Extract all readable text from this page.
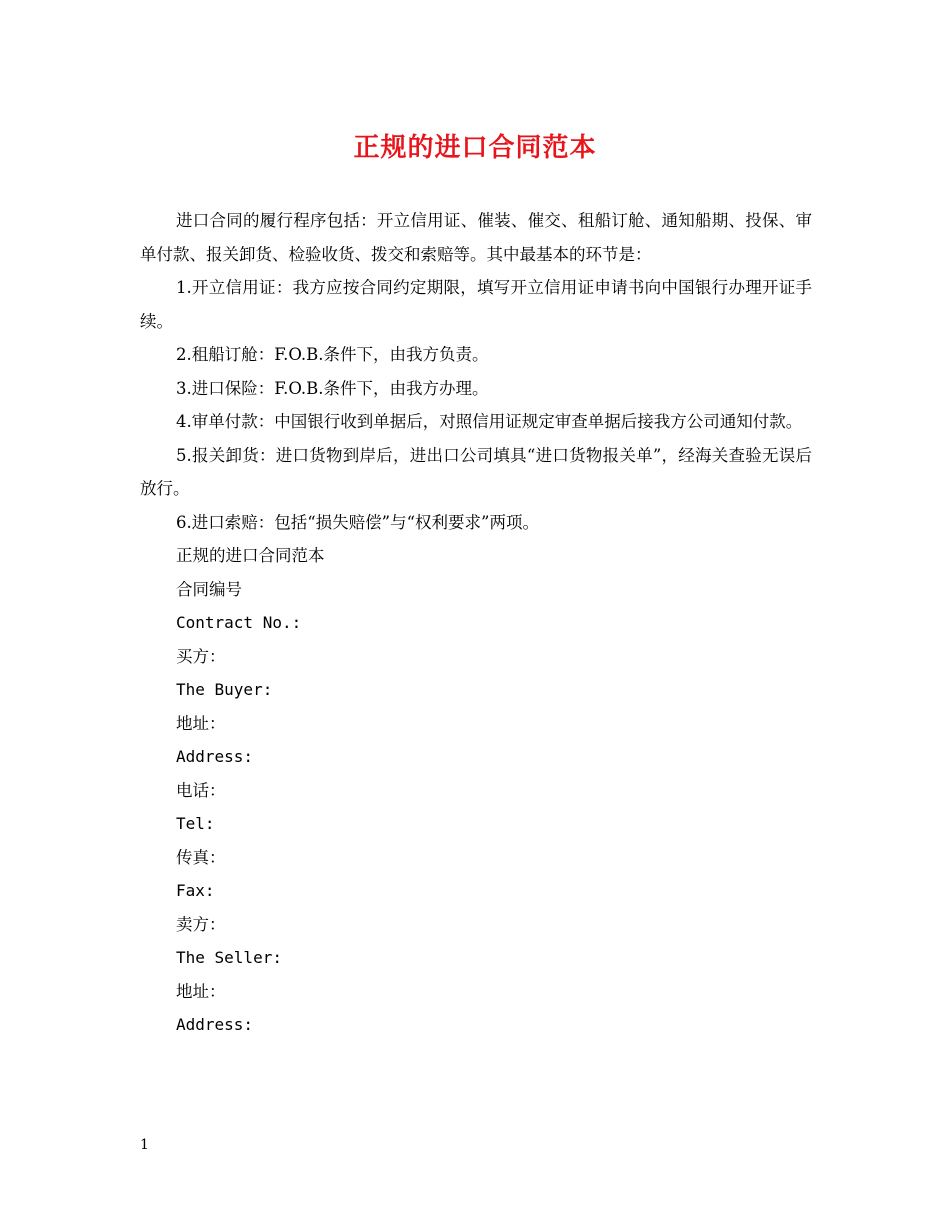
正规的进口合同范本

进口合同的履行程序包括：开立信用证、催装、催交、租船订舱、通知船期、投保、审单付款、报关卸货、检验收货、拨交和索赔等。其中最基本的环节是：

1.开立信用证：我方应按合同约定期限，填写开立信用证申请书向中国银行办理开证手续。

2.租船订舱：F.O.B.条件下，由我方负责。

3.进口保险：F.O.B.条件下，由我方办理。

4.审单付款：中国银行收到单据后，对照信用证规定审查单据后接我方公司通知付款。

5.报关卸货：进口货物到岸后，进出口公司填具“进口货物报关单”，经海关查验无误后放行。

6.进口索赔：包括“损失赔偿”与“权利要求”两项。

正规的进口合同范本

合同编号

Contract No.:

买方：

The Buyer:

地址：

Address:

电话：

Tel:

传真：

Fax:

卖方：

The Seller:

地址：

Address:

1
